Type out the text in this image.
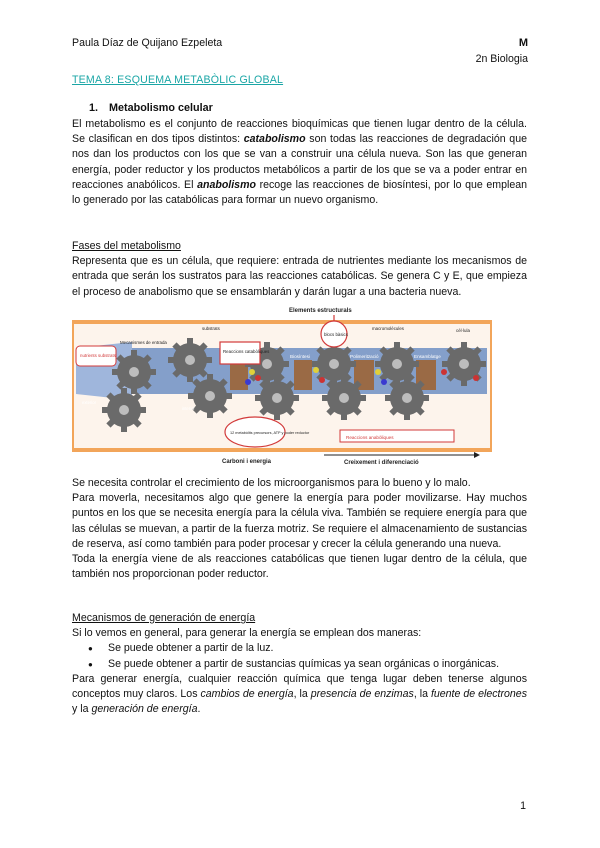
Paula Díaz de Quijano Ezpeleta	M
2n Biologia
TEMA 8: ESQUEMA METABÒLIC GLOBAL
1. Metabolismo celular

El metabolismo es el conjunto de reacciones bioquímicas que tienen lugar dentro de la célula. Se clasifican en dos tipos distintos: catabolismo son todas las reacciones de degradación que nos dan los productos con los que se van a construir una célula nueva. Son las que generan energía, poder reductor y los productos metabólicos a partir de los que se va a poder entrar en reacciones anabólicos. El anabolismo recoge las reacciones de biosíntesi, por lo que emplean lo generado por las catabólicas para formar un nuevo organismo.

Fases del metabolismo

Representa que es un célula, que requiere: entrada de nutrientes mediante los mecanismos de entrada que serán los sustratos para las reacciones catabólicas. Se genera C y E, que empieza el proceso de anabolismo que se ensamblarán y darán lugar a una bacteria nueva.

Elements estructurals
nutrients substrats
Mecanismes de entrada
substrats
Reaccions catabòliques
Biosíntesi
blocs bàsics
Polimerització
macromolècules
Ensamblatge
cèl·lula
exterior
interior
12 metabòlits precursors, ATP y poder reductor
Reaccions anabòliques
Carboni i energia	Creixement i diferenciació

Se necesita controlar el crecimiento de los microorganismos para lo bueno y lo malo.

Para moverla, necesitamos algo que genere la energía para poder movilizarse. Hay muchos puntos en los que se necesita energía para la célula viva. También se requiere energía para que las células se muevan, a partir de la fuerza motriz. Se requiere el almacenamiento de sustancias de reserva, así como también para poder procesar y crecer la célula generando una nueva.

Toda la energía viene de als reacciones catabólicas que tienen lugar dentro de la célula, que también nos proporcionan poder reductor.

Mecanismos de generación de energía

Si lo vemos en general, para generar la energía se emplean dos maneras:

● Se puede obtener a partir de la luz.
● Se puede obtener a partir de sustancias químicas ya sean orgánicas o inorgánicas.

Para generar energía, cualquier reacción química que tenga lugar deben tenerse algunos conceptos muy claros. Los cambios de energía, la presencia de enzimas, la fuente de electrones y la generación de energía.

1
